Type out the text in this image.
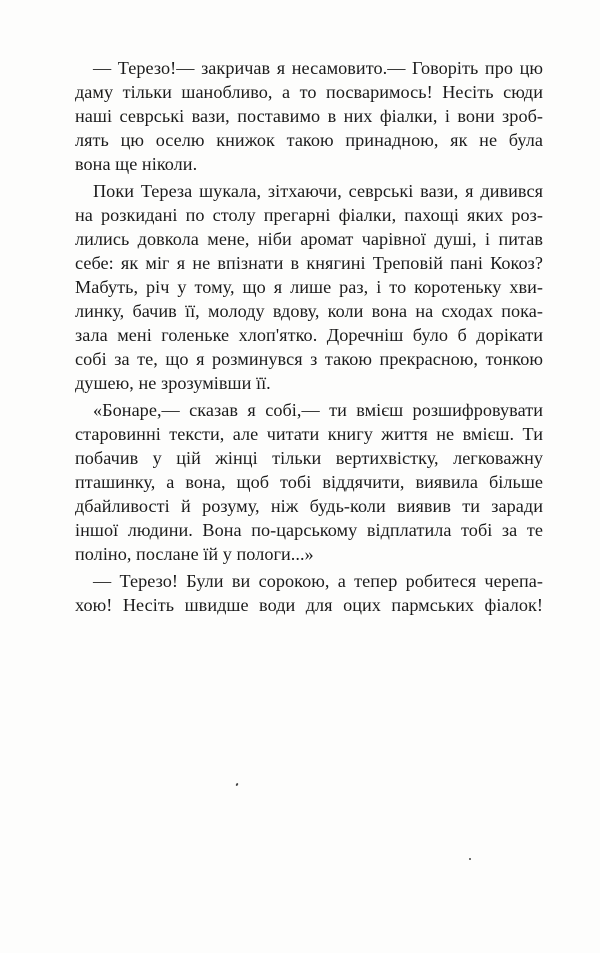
— Терезо!— закричав я несамовито.— Говоріть про цю
даму тільки шанобливо, а то посваримось! Несіть сюди
наші севрські вази, поставимо в них фіалки, і вони зроб-
лять цю оселю книжок такою принадною, як не була
вона ще ніколи.
Поки Тереза шукала, зітхаючи, севрські вази, я дивився
на розкидані по столу прегарні фіалки, пахощі яких роз-
лились довкола мене, ніби аромат чарівної душі, і питав
себе: як міг я не впізнати в княгині Треповій пані Кокоз?
Мабуть, річ у тому, що я лише раз, і то коротеньку хви-
линку, бачив її, молоду вдову, коли вона на сходах пока-
зала мені голеньке хлоп'ятко. Доречніш було б дорікати
собі за те, що я розминувся з такою прекрасною, тонкою
душею, не зрозумівши її.
«Бонаре,— сказав я собі,— ти вмієш розшифровувати
старовинні тексти, але читати книгу життя не вмієш. Ти
побачив у цій жінці тільки вертихвістку, легковажну
пташинку, а вона, щоб тобі віддячити, виявила більше
дбайливості й розуму, ніж будь-коли виявив ти заради
іншої людини. Вона по-царському відплатила тобі за те
поліно, послане їй у пологи...»
— Терезо! Були ви сорокою, а тепер робитеся черепа-
хою! Несіть швидше води для оцих пармських фіалок!
